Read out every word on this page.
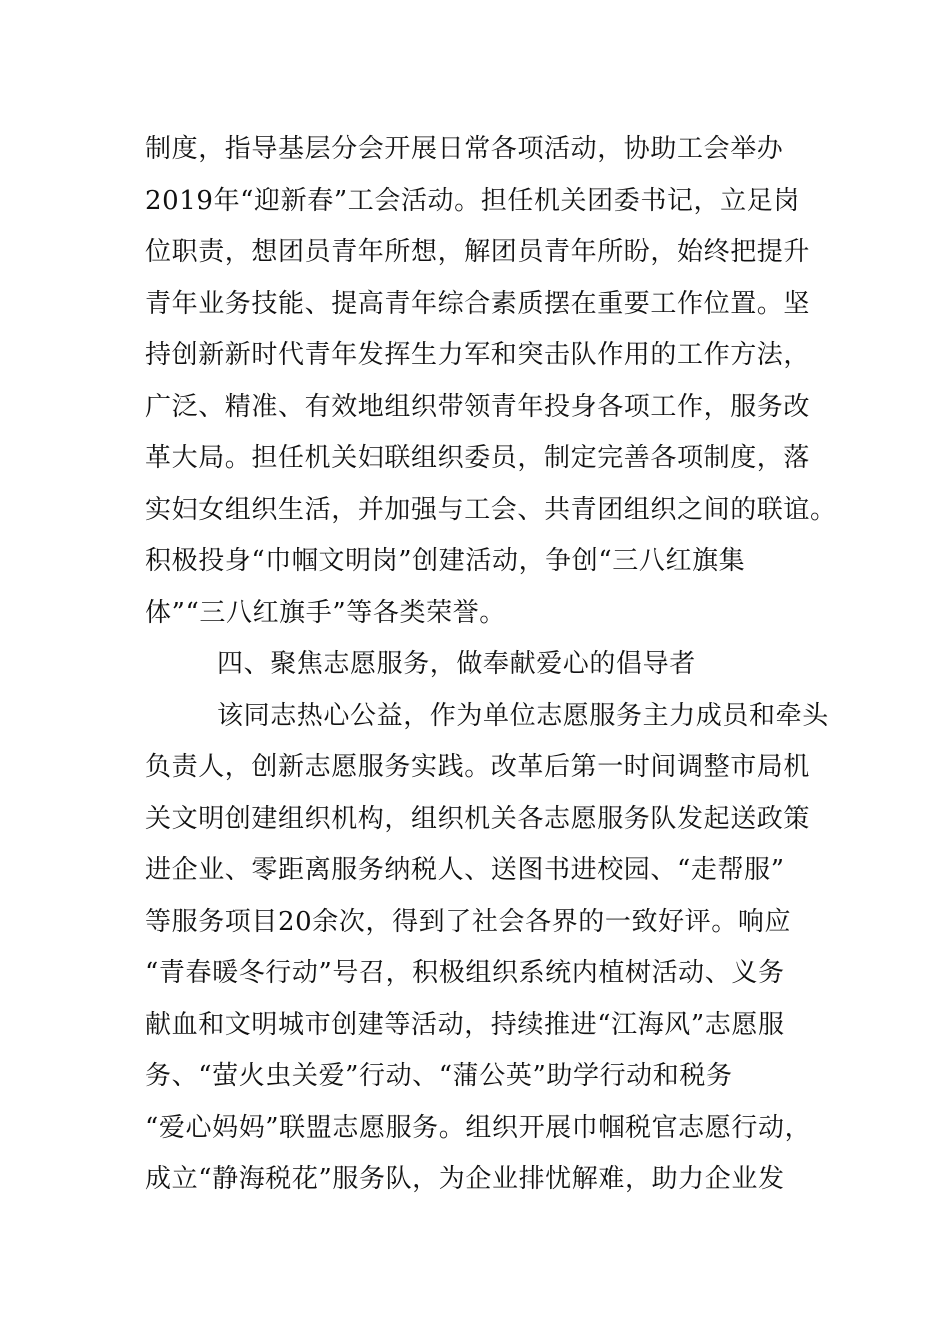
制度，指导基层分会开展日常各项活动，协助工会举办
2019年“迎新春”工会活动。担任机关团委书记，立足岗
位职责，想团员青年所想，解团员青年所盼，始终把提升
青年业务技能、提高青年综合素质摆在重要工作位置。坚
持创新新时代青年发挥生力军和突击队作用的工作方法，
广泛、精准、有效地组织带领青年投身各项工作，服务改
革大局。担任机关妇联组织委员，制定完善各项制度，落
实妇女组织生活，并加强与工会、共青团组织之间的联谊。
积极投身“巾帼文明岗”创建活动，争创“三八红旗集
体”“三八红旗手”等各类荣誉。
四、聚焦志愿服务，做奉献爱心的倡导者
该同志热心公益，作为单位志愿服务主力成员和牵头
负责人，创新志愿服务实践。改革后第一时间调整市局机
关文明创建组织机构，组织机关各志愿服务队发起送政策
进企业、零距离服务纳税人、送图书进校园、“走帮服”
等服务项目20余次，得到了社会各界的一致好评。响应
“青春暖冬行动”号召，积极组织系统内植树活动、义务
献血和文明城市创建等活动，持续推进“江海风”志愿服
务、“萤火虫关爱”行动、“蒲公英”助学行动和税务
“爱心妈妈”联盟志愿服务。组织开展巾帼税官志愿行动，
成立“静海税花”服务队，为企业排忧解难，助力企业发
